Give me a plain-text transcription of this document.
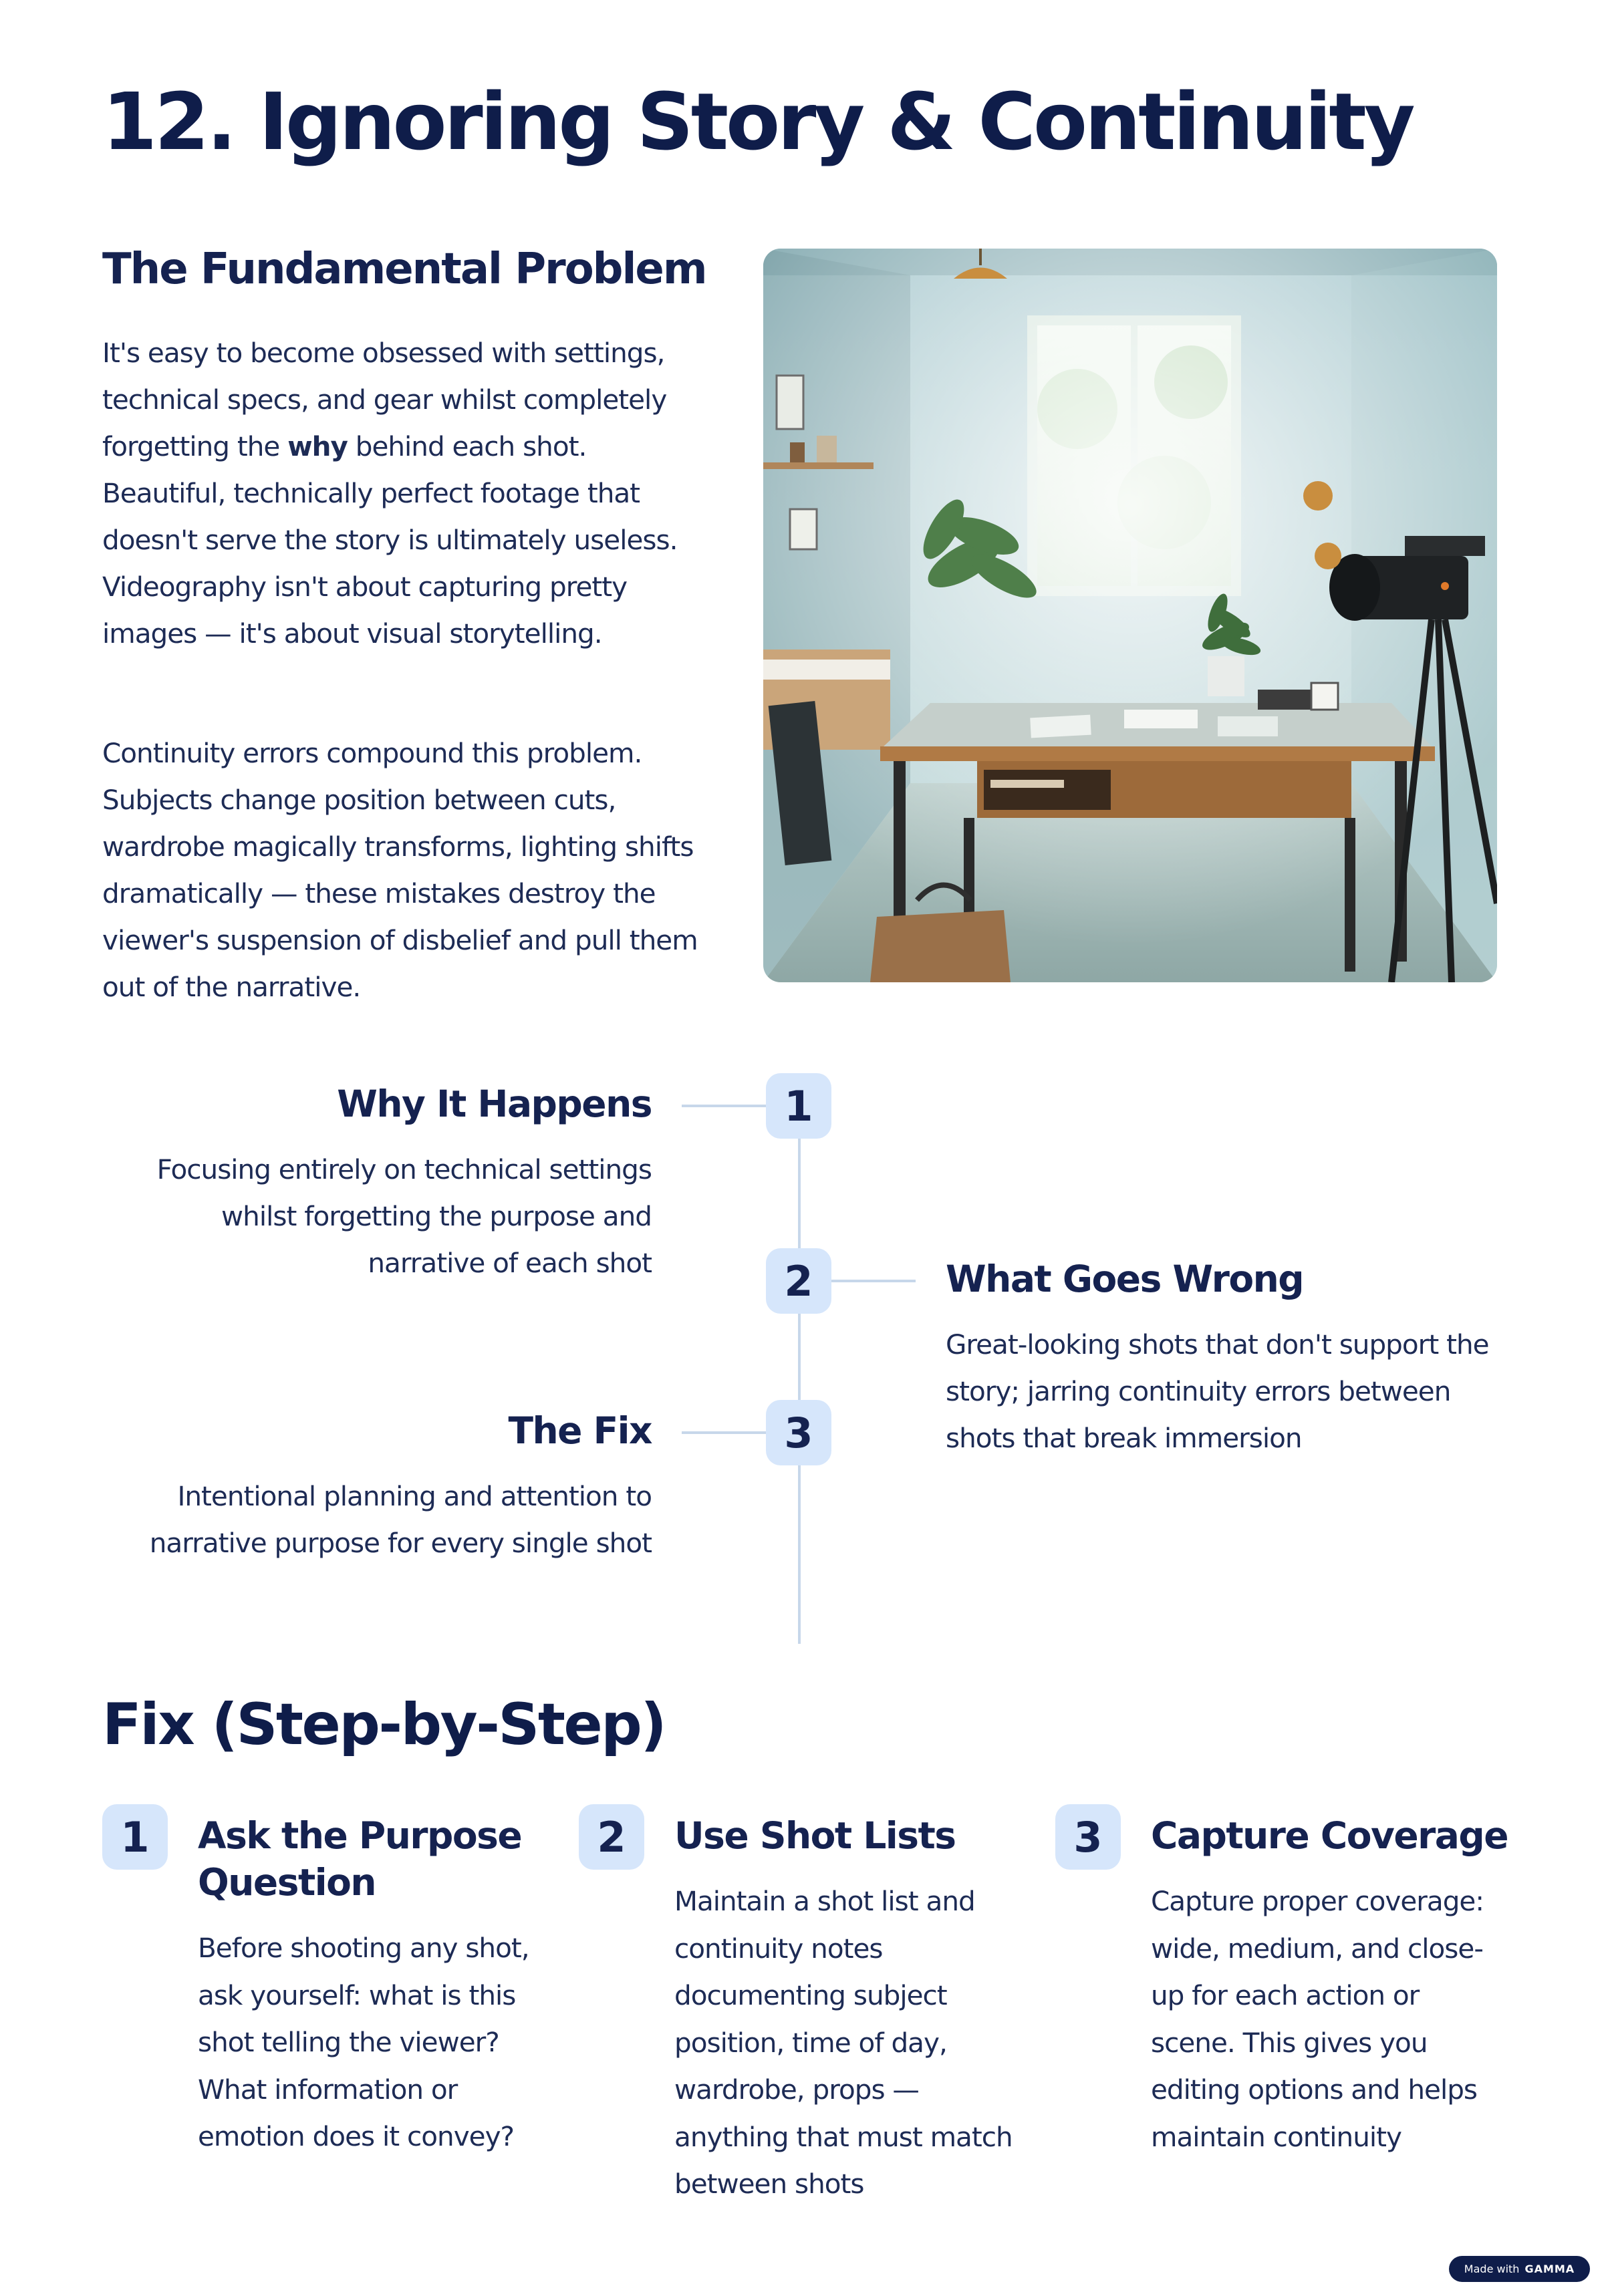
12. Ignoring Story & Continuity
The Fundamental Problem

It's easy to become obsessed with settings, technical specs, and gear whilst completely forgetting the why behind each shot. Beautiful, technically perfect footage that doesn't serve the story is ultimately useless. Videography isn't about capturing pretty images — it's about visual storytelling.

Continuity errors compound this problem. Subjects change position between cuts, wardrobe magically transforms, lighting shifts dramatically — these mistakes destroy the viewer's suspension of disbelief and pull them out of the narrative.

1
Why It Happens

Focusing entirely on technical settings whilst forgetting the purpose and narrative of each shot	2	What Goes Wrong

Great-looking shots that don't support the story; jarring continuity errors between shots that break immersion

3
The Fix

Intentional planning and attention to narrative purpose for every single shot

Fix (Step-by-Step)
1	Ask the Purpose Question

Before shooting any shot, ask yourself: what is this shot telling the viewer? What information or emotion does it convey?

2	Use Shot Lists

Maintain a shot list and continuity notes documenting subject position, time of day, wardrobe, props — anything that must match between shots

3	Capture Coverage

Capture proper coverage: wide, medium, and close-up for each action or scene. This gives you editing options and helps maintain continuity

Made with GAMMA
